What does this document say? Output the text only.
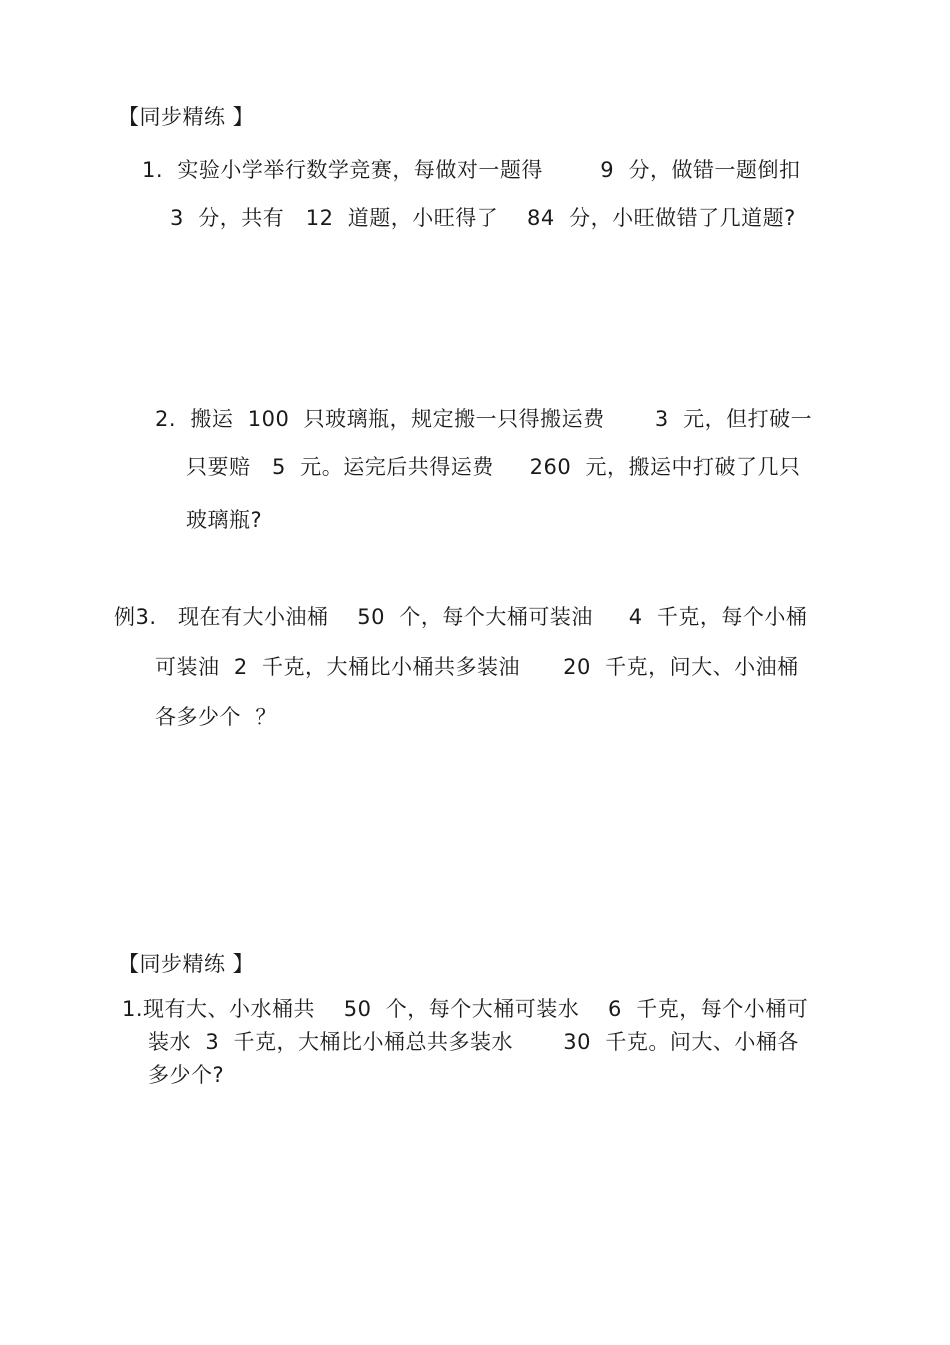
【同步精练 】
1.  实验小学举行数学竞赛，每做对一题得        9  分，做错一题倒扣
3  分，共有   12  道题，小旺得了    84  分，小旺做错了几道题?
2.  搬运  100  只玻璃瓶，规定搬一只得搬运费       3  元，但打破一
只要赔   5  元。运完后共得运费     260  元，搬运中打破了几只
玻璃瓶?
例3.   现在有大小油桶    50  个，每个大桶可装油     4  千克，每个小桶
可装油  2  千克，大桶比小桶共多装油      20  千克，问大、小油桶
各多少个  ？
【同步精练 】
1.现有大、小水桶共    50  个，每个大桶可装水    6  千克，每个小桶可
装水  3  千克，大桶比小桶总共多装水       30  千克。问大、小桶各
多少个?
